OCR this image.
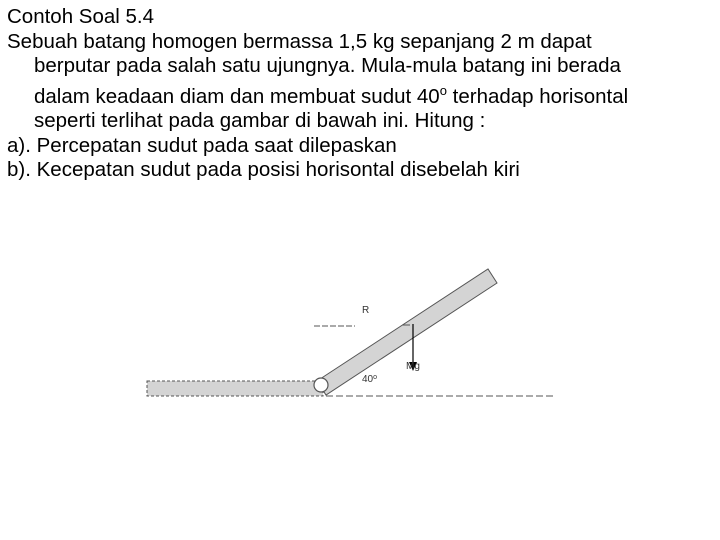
Contoh Soal 5.4
Sebuah batang homogen bermassa 1,5 kg sepanjang 2 m dapat
berputar pada salah satu ujungnya. Mula-mula batang ini berada
dalam keadaan diam dan membuat sudut 40$^o$ terhadap horisontal
seperti terlihat pada gambar di bawah ini. Hitung :
a). Percepatan sudut pada saat dilepaskan
b). Kecepatan sudut pada posisi horisontal disebelah kiri
R
Mg
40$^o$
